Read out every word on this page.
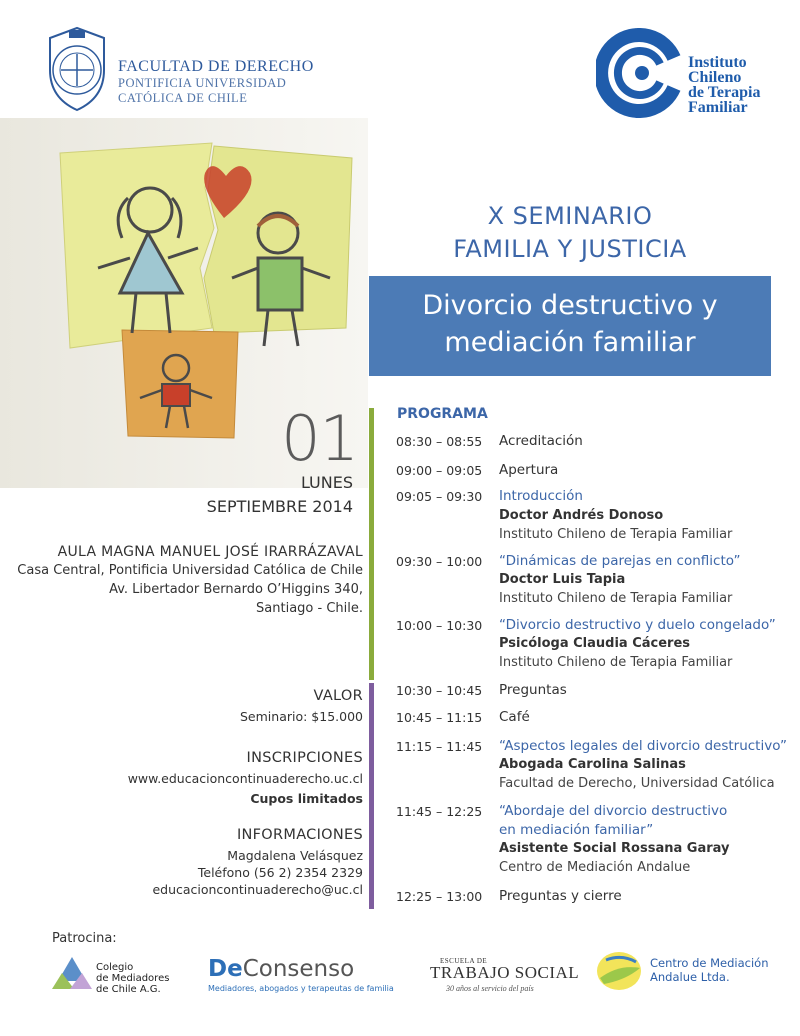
FACULTAD DE DERECHO
PONTIFICIA UNIVERSIDAD
CATÓLICA DE CHILE
Instituto
Chileno
de Terapia
Familiar
X SEMINARIO
FAMILIA Y JUSTICIA
Divorcio destructivo y
mediación familiar
01
LUNES
SEPTIEMBRE 2014
AULA MAGNA MANUEL JOSÉ IRARRÁZAVAL
Casa Central, Pontificia Universidad Católica de Chile
Av. Libertador Bernardo O’Higgins 340,
Santiago - Chile.
VALOR
Seminario: $15.000
INSCRIPCIONES
www.educacioncontinuaderecho.uc.cl
Cupos limitados
INFORMACIONES
Magdalena Velásquez
Teléfono (56 2) 2354 2329
educacioncontinuaderecho@uc.cl
PROGRAMA
08:30 – 08:55 Acreditación
09:00 – 09:05 Apertura
09:05 – 09:30 Introducción
Doctor Andrés Donoso
Instituto Chileno de Terapia Familiar
09:30 – 10:00 “Dinámicas de parejas en conflicto”
Doctor Luis Tapia
Instituto Chileno de Terapia Familiar
10:00 – 10:30 “Divorcio destructivo y duelo congelado”
Psicóloga Claudia Cáceres
Instituto Chileno de Terapia Familiar
10:30 – 10:45 Preguntas
10:45 – 11:15 Café
11:15 – 11:45 “Aspectos legales del divorcio destructivo”
Abogada Carolina Salinas
Facultad de Derecho, Universidad Católica
11:45 – 12:25 “Abordaje del divorcio destructivo
en mediación familiar”
Asistente Social Rossana Garay
Centro de Mediación Andalue
12:25 – 13:00 Preguntas y cierre
Patrocina:
Colegio
de Mediadores
de Chile A.G.
DeConsenso
Mediadores, abogados y terapeutas de familia
ESCUELA DE
TRABAJO SOCIAL
30 años al servicio del país
Centro de Mediación
Andalue Ltda.
